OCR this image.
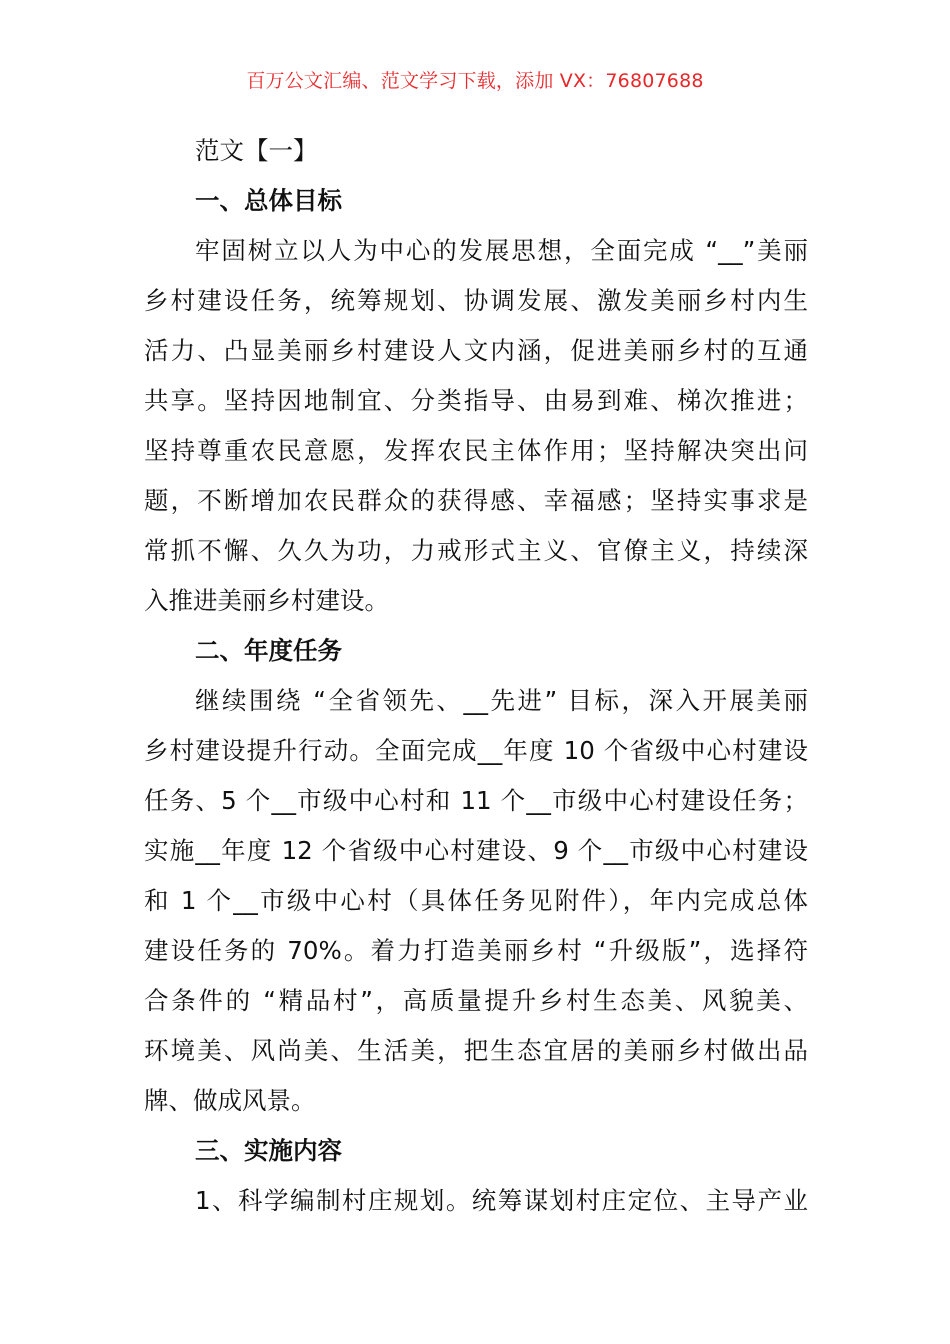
百万公文汇编、范文学习下载，添加 VX：76807688
范文【一】
一、总体目标
牢固树立以人为中心的发展思想，全面完成 “__”美丽
乡村建设任务，统筹规划、协调发展、激发美丽乡村内生
活力、凸显美丽乡村建设人文内涵，促进美丽乡村的互通
共享。坚持因地制宜、分类指导、由易到难、梯次推进；
坚持尊重农民意愿，发挥农民主体作用；坚持解决突出问
题，不断增加农民群众的获得感、幸福感；坚持实事求是
常抓不懈、久久为功，力戒形式主义、官僚主义，持续深
入推进美丽乡村建设。
二、年度任务
继续围绕 “全省领先、__先进” 目标，深入开展美丽
乡村建设提升行动。全面完成__年度 10 个省级中心村建设
任务、5 个__市级中心村和 11 个__市级中心村建设任务；
实施__年度 12 个省级中心村建设、9 个__市级中心村建设
和 1 个__市级中心村（具体任务见附件），年内完成总体
建设任务的 70%。着力打造美丽乡村 “升级版”，选择符
合条件的 “精品村”，高质量提升乡村生态美、风貌美、
环境美、风尚美、生活美，把生态宜居的美丽乡村做出品
牌、做成风景。
三、实施内容
1、科学编制村庄规划。统筹谋划村庄定位、主导产业
